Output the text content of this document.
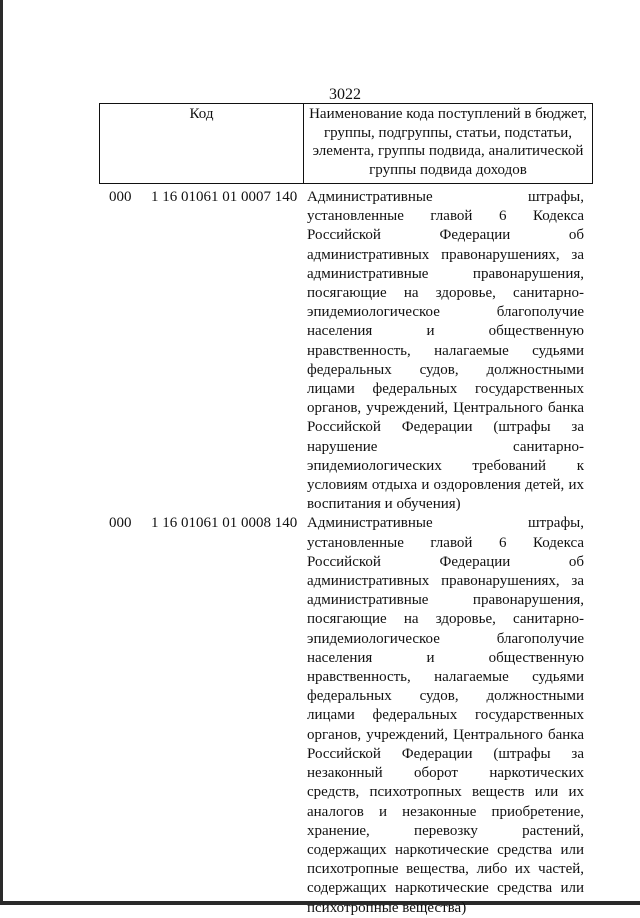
3022
Код	Наименование кода поступлений в бюджет, группы, подгруппы, статьи, подстатьи, элемента, группы подвида, аналитической группы подвида доходов
000 1 16 01061 01 0007 140 Административные штрафы, установленные главой 6 Кодекса Российской Федерации об административных правонарушениях, за административные правонарушения, посягающие на здоровье, санитарно-эпидемиологическое благополучие населения и общественную нравственность, налагаемые судьями федеральных судов, должностными лицами федеральных государственных органов, учреждений, Центрального банка Российской Федерации (штрафы за нарушение санитарно-эпидемиологических требований к условиям отдыха и оздоровления детей, их воспитания и обучения)
000 1 16 01061 01 0008 140 Административные штрафы, установленные главой 6 Кодекса Российской Федерации об административных правонарушениях, за административные правонарушения, посягающие на здоровье, санитарно-эпидемиологическое благополучие населения и общественную нравственность, налагаемые судьями федеральных судов, должностными лицами федеральных государственных органов, учреждений, Центрального банка Российской Федерации (штрафы за незаконный оборот наркотических средств, психотропных веществ или их аналогов и незаконные приобретение, хранение, перевозку растений, содержащих наркотические средства или психотропные вещества, либо их частей, содержащих наркотические средства или психотропные вещества)
